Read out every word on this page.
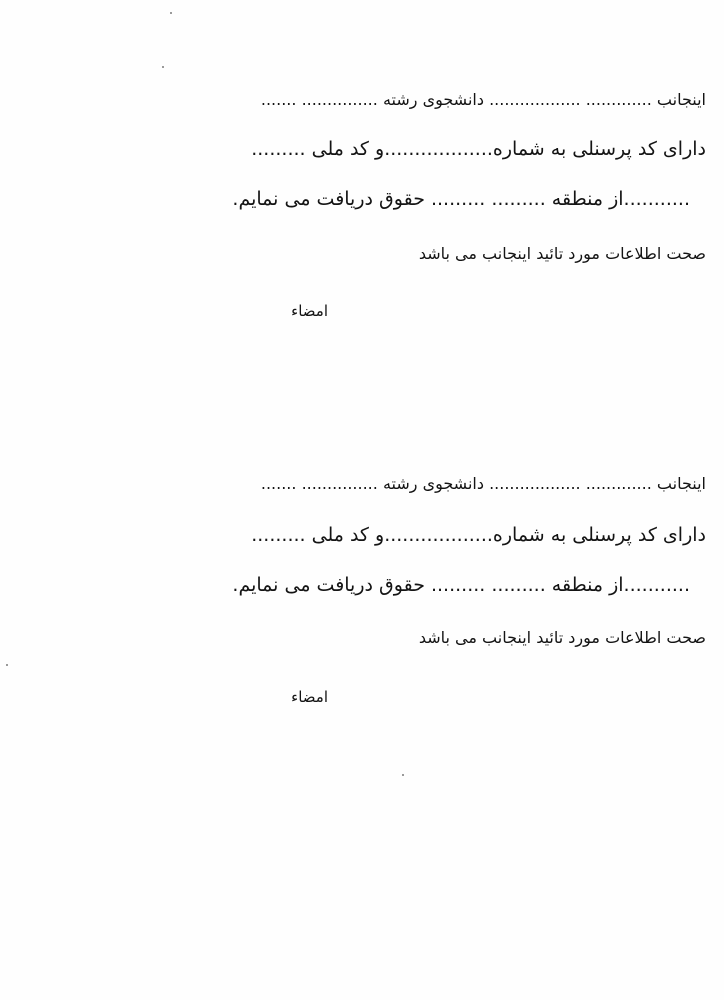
اینجانب ............. .................. دانشجوی رشته ............... .......
دارای کد پرسنلی به شماره..................و کد ملی .........
...........از منطقه ......... ......... حقوق دریافت می نمایم.
صحت اطلاعات مورد تائید اینجانب می باشد
امضاء
اینجانب ............. .................. دانشجوی رشته ............... .......
دارای کد پرسنلی به شماره..................و کد ملی .........
...........از منطقه ......... ......... حقوق دریافت می نمایم.
صحت اطلاعات مورد تائید اینجانب می باشد
امضاء
